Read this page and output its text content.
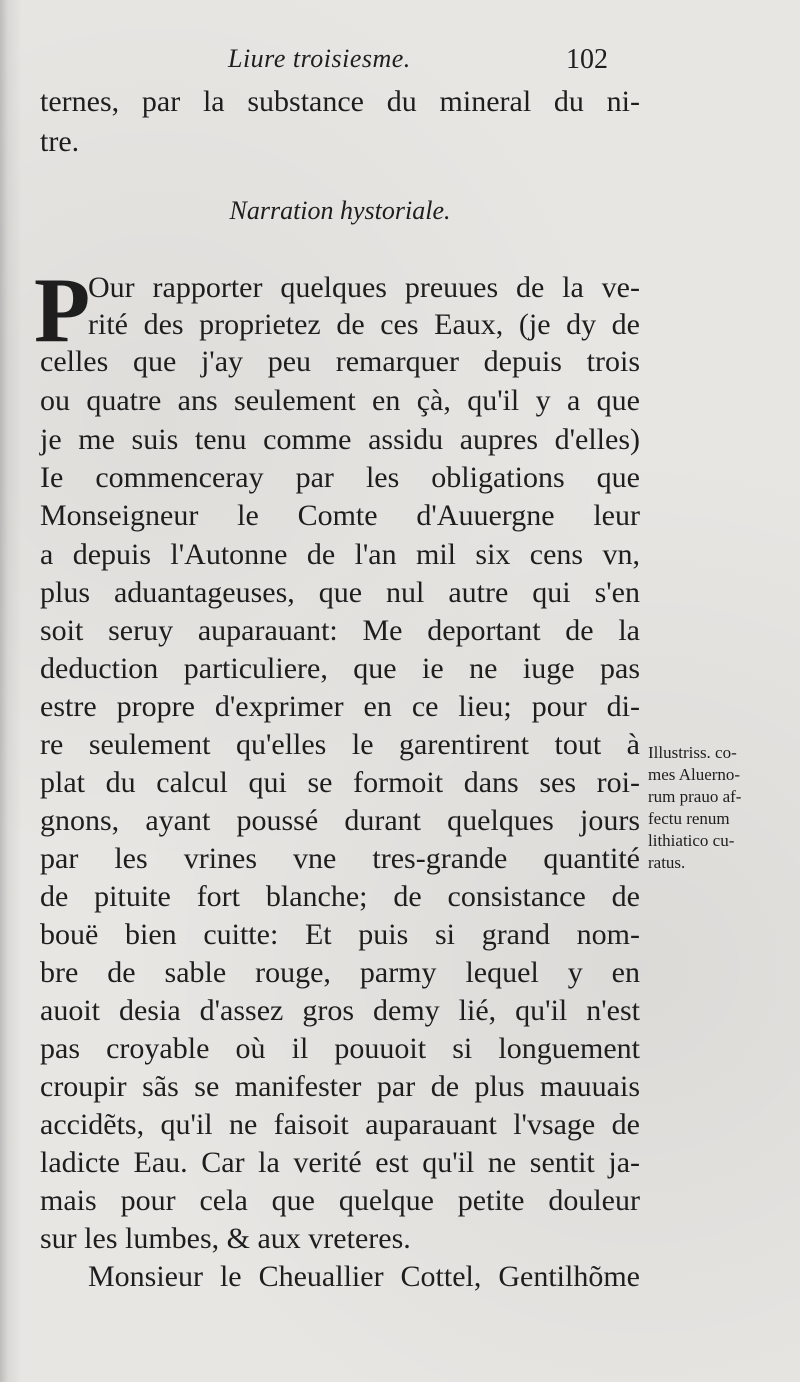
Liure troisiesme.	102
ternes, par la substance du mineral du ni-
tre.
Narration hystoriale.
P
Our rapporter quelques preuues de la ve-
rité des proprietez de ces Eaux, (je dy de
celles que j'ay peu remarquer depuis trois
ou quatre ans seulement en çà, qu'il y a que
je me suis tenu comme assidu aupres d'elles)
Ie commenceray par les obligations que
Monseigneur le Comte d'Auuergne leur
a depuis l'Autonne de l'an mil six cens vn,
plus aduantageuses, que nul autre qui s'en
soit seruy auparauant: Me deportant de la
deduction particuliere, que ie ne iuge pas
estre propre d'exprimer en ce lieu; pour di-
re seulement qu'elles le garentirent tout à
plat du calcul qui se formoit dans ses roi-
gnons, ayant poussé durant quelques jours
par les vrines vne tres-grande quantité
de pituite fort blanche; de consistance de
bouë bien cuitte: Et puis si grand nom-
bre de sable rouge, parmy lequel y en
auoit desia d'assez gros demy lié, qu'il n'est
pas croyable où il pouuoit si longuement
croupir sãs se manifester par de plus mauuais
accidẽts, qu'il ne faisoit auparauant l'vsage de
ladicte Eau. Car la verité est qu'il ne sentit ja-
mais pour cela que quelque petite douleur
sur les lumbes, & aux vreteres.
Monsieur le Cheuallier Cottel, Gentilhõme
Illustriss. co-
mes Aluerno-
rum prauo af-
fectu renum
lithiatico cu-
ratus.
